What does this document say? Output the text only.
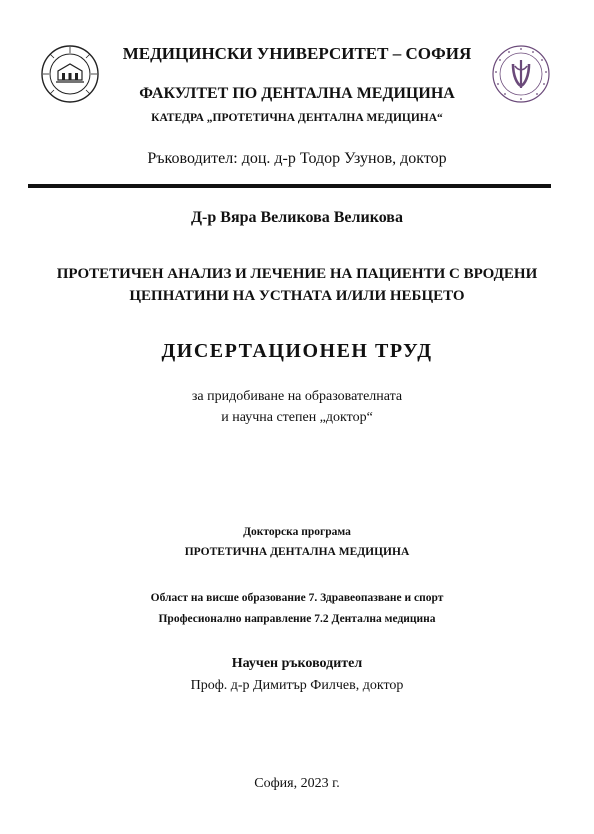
МЕДИЦИНСКИ УНИВЕРСИТЕТ – СОФИЯ
ФАКУЛТЕТ ПО ДЕНТАЛНА МЕДИЦИНА
КАТЕДРА „ПРОТЕТИЧНА ДЕНТАЛНА МЕДИЦИНА“
Ръководител: доц. д-р Тодор Узунов, доктор
Д-р Вяра Великова Великова
ПРОТЕТИЧЕН АНАЛИЗ И ЛЕЧЕНИЕ НА ПАЦИЕНТИ С ВРОДЕНИ
ЦЕПНАТИНИ НА УСТНАТА И/ИЛИ НЕБЦЕТО
ДИСЕРТАЦИОНЕН ТРУД
за придобиване на образователната
и научна степен „доктор“
Докторска програма
ПРОТЕТИЧНА ДЕНТАЛНА МЕДИЦИНА
Област на висше образование 7. Здравеопазване и спорт
Професионално направление 7.2 Дентална медицина
Научен ръководител
Проф. д-р Димитър Филчев, доктор
София, 2023 г.
